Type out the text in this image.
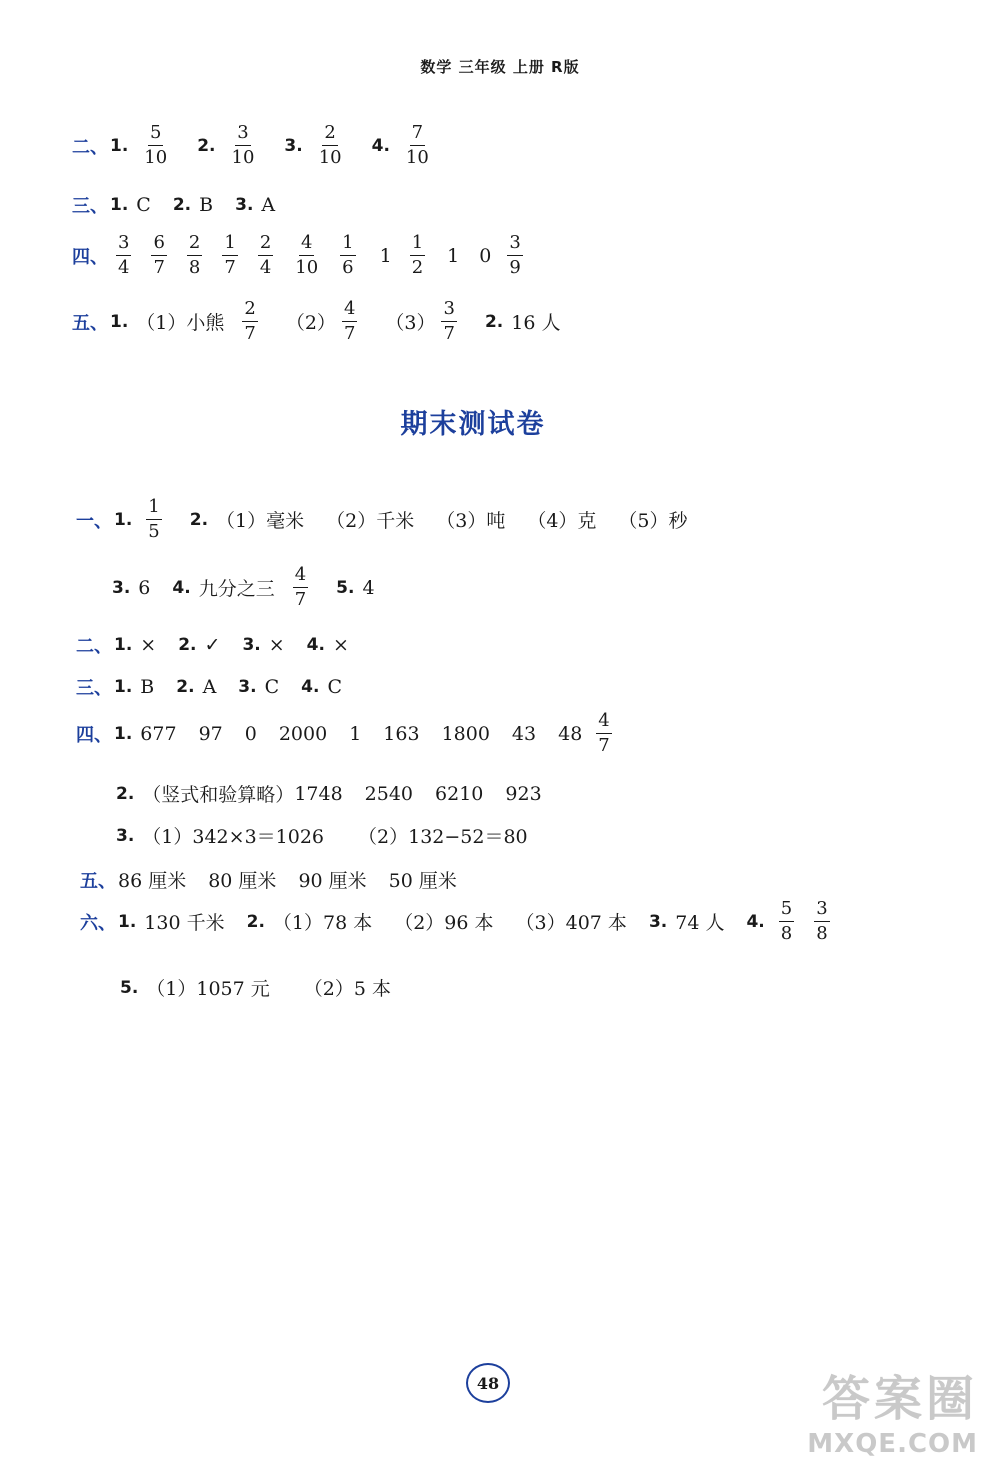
数学 三年级 上册 R版
二、 1. $\frac{5}{10} 2$. $\frac{3}{10} 3$. $\frac{2}{10} 4$. $\frac{7}{10}$
三、 1. C 2. B 3. A
四、 $\frac{3}{4} \frac{6}{7} \frac{2}{8} \frac{1}{7} \frac{2}{4} \frac{4}{10} \frac{1}{6} 1 \frac{1}{2} 1$ $0 \frac{3}{9}$
五、 1. （1）小熊 $\frac{2}{7} (2) \frac{4}{7} (3) \frac{3}{7} 2$. 16 人
期末测试卷
一、 1. $\frac{1}{5} 2$. （1）毫米 （2）千米 （3）吨 （4）克 （5）秒
3. 6 4. 九分之三 $\frac{4}{7} 5$. 4
二、 1. × 2. ✓ 3. × 4. ×
三、 1. B 2. A 3. C 4. C
四、 1. 677 97 0 2000 1 163 1800 43 $48 \frac{4}{7}$
2. （竖式和验算略） 1748 2540 6210 923
3. （1）342×3＝1026 （2）132−52＝80
五、 86 厘米 80 厘米 90 厘米 50 厘米
六、 1. 130 千米 2. （1）78 本 （2）96 本 （3）407 本 3. 74 人 4. $\frac{5}{8} \frac{3}{8}$
5. （1）1057 元 （2）5 本
48	答案圈
MXQE.COM
